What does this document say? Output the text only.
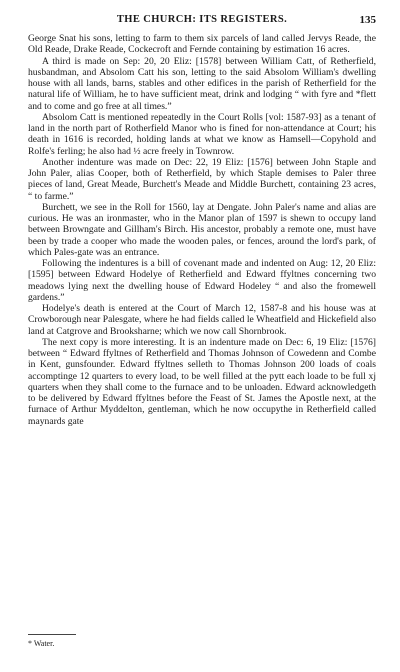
THE CHURCH: ITS REGISTERS.	135

George Snat his sons, letting to farm to them six parcels of land called Jervys Reade, the Old Reade, Drake Reade, Cockecroft and Fernde containing by estimation 16 acres.

A third is made on Sep: 20, 20 Eliz: [1578] between William Catt, of Retherfield, husbandman, and Absolom Catt his son, letting to the said Absolom William's dwelling house with all lands, barns, stables and other edifices in the parish of Retherfield for the natural life of William, he to have sufficient meat, drink and lodging “ with fyre and *flett and to come and go free at all times.”

Absolom Catt is mentioned repeatedly in the Court Rolls [vol: 1587-93] as a tenant of land in the north part of Rotherfield Manor who is fined for non-attendance at Court; his death in 1616 is recorded, holding lands at what we know as Hamsell—Copyhold and Rolfe's ferling; he also had ½ acre freely in Townrow.

Another indenture was made on Dec: 22, 19 Eliz: [1576] between John Staple and John Paler, alias Cooper, both of Retherfield, by which Staple demises to Paler three pieces of land, Great Meade, Burchett's Meade and Middle Burchett, containing 23 acres, “ to farme.”

Burchett, we see in the Roll for 1560, lay at Dengate. John Paler's name and alias are curious. He was an ironmaster, who in the Manor plan of 1597 is shewn to occupy land between Browngate and Gillham's Birch. His ancestor, probably a remote one, must have been by trade a cooper who made the wooden pales, or fences, around the lord's park, of which Pales-gate was an entrance.

Following the indentures is a bill of covenant made and indented on Aug: 12, 20 Eliz: [1595] between Edward Hodelye of Retherfield and Edward ffyltnes concerning two meadows lying next the dwelling house of Edward Hodeley “ and also the fromewell gardens.”

Hodelye's death is entered at the Court of March 12, 1587-8 and his house was at Crowborough near Palesgate, where he had fields called le Wheatfield and Hickefield also land at Catgrove and Brooksharne; which we now call Shornbrook.

The next copy is more interesting. It is an indenture made on Dec: 6, 19 Eliz: [1576] between “ Edward ffyltnes of Retherfield and Thomas Johnson of Cowedenn and Combe in Kent, gunsfounder. Edward ffyltnes selleth to Thomas Johnson 200 loads of coals accomptinge 12 quarters to every load, to be well filled at the pytt each loade to be full xj quarters when they shall come to the furnace and to be unloaden. Edward acknowledgeth to be delivered by Edward ffyltnes before the Feast of St. James the Apostle next, at the furnace of Arthur Myddelton, gentleman, which he now occupythe in Retherfield called maynards gate

* Water.
